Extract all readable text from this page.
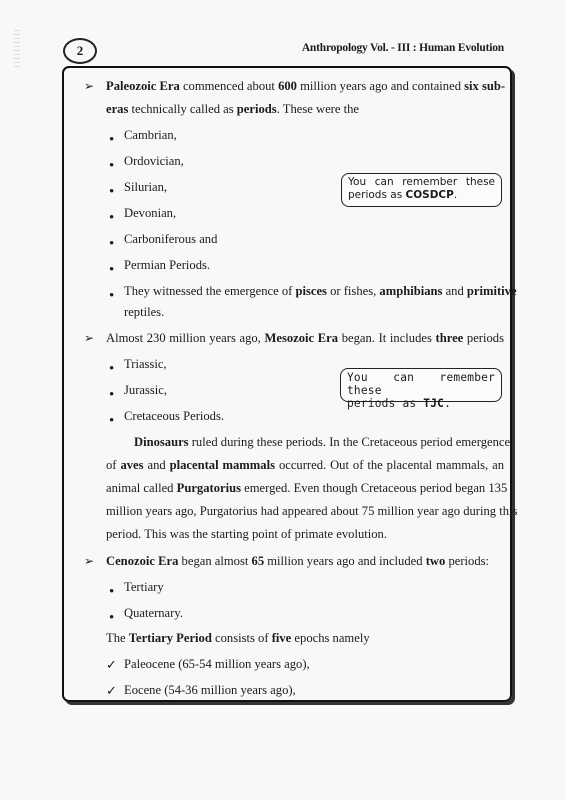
2	Anthropology Vol. - III : Human Evolution
➢ Paleozoic Era commenced about 600 million years ago and contained six sub-
eras technically called as periods. These were the
• Cambrian,
• Ordovician,
• Silurian,
• Devonian,
• Carboniferous and
• Permian Periods.
• They witnessed the emergence of pisces or fishes, amphibians and primitive
reptiles.
You can remember these
periods as COSDCP.
➢ Almost 230 million years ago, Mesozoic Era began. It includes three periods
• Triassic,
• Jurassic,
• Cretaceous Periods.
You can remember these
periods as TJC.
Dinosaurs ruled during these periods. In the Cretaceous period emergence
of aves and placental mammals occurred. Out of the placental mammals, an
animal called Purgatorius emerged. Even though Cretaceous period began 135
million years ago, Purgatorius had appeared about 75 million year ago during this
period. This was the starting point of primate evolution.
➢ Cenozoic Era began almost 65 million years ago and included two periods:
• Tertiary
• Quaternary.
The Tertiary Period consists of five epochs namely
✓ Paleocene (65-54 million years ago),
✓ Eocene (54-36 million years ago),
